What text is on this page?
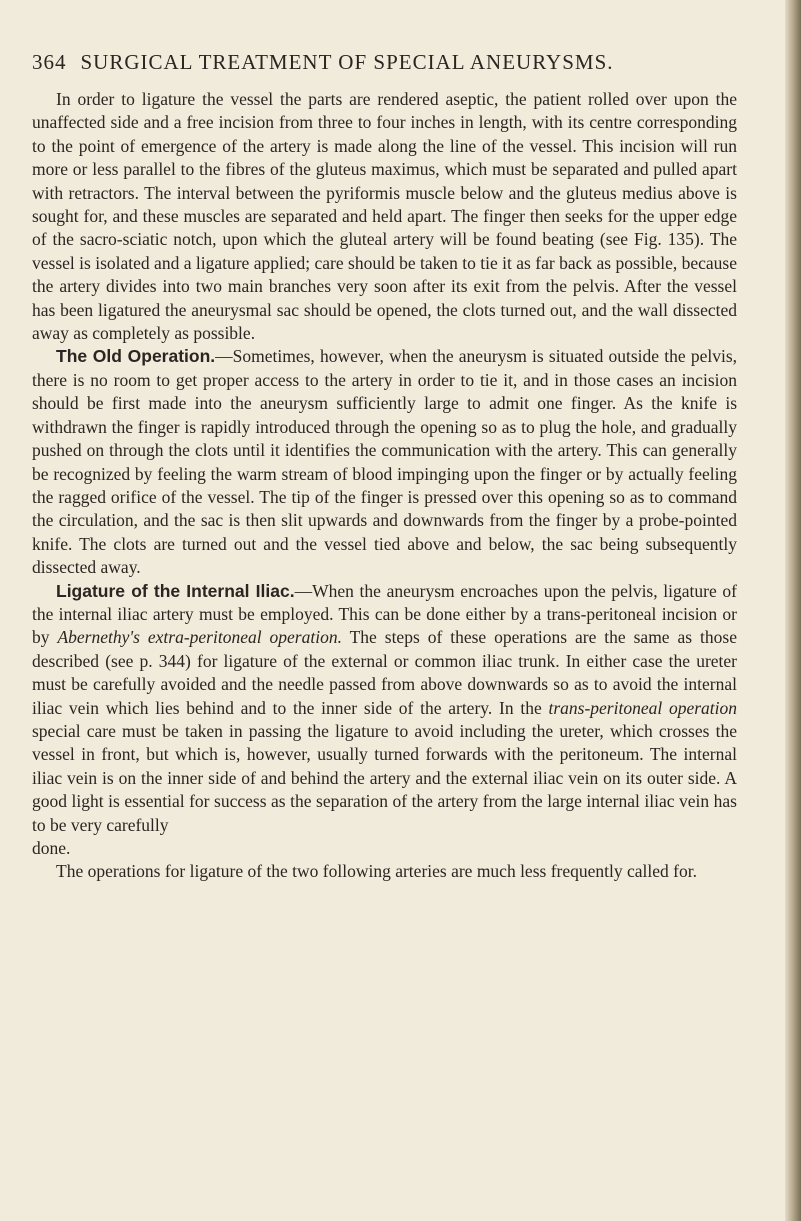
364 SURGICAL TREATMENT OF SPECIAL ANEURYSMS.

In order to ligature the vessel the parts are rendered aseptic, the patient rolled over upon the unaffected side and a free incision from three to four inches in length, with its centre corresponding to the point of emergence of the artery is made along the line of the vessel. This incision will run more or less parallel to the fibres of the gluteus maximus, which must be separated and pulled apart with retractors. The interval between the pyriformis muscle below and the gluteus medius above is sought for, and these muscles are separated and held apart. The finger then seeks for the upper edge of the sacro-sciatic notch, upon which the gluteal artery will be found beating (see Fig. 135). The vessel is isolated and a ligature applied; care should be taken to tie it as far back as possible, because the artery divides into two main branches very soon after its exit from the pelvis. After the vessel has been ligatured the aneurysmal sac should be opened, the clots turned out, and the wall dissected away as completely as possible.

The Old Operation.—Sometimes, however, when the aneurysm is situated outside the pelvis, there is no room to get proper access to the artery in order to tie it, and in those cases an incision should be first made into the aneurysm sufficiently large to admit one finger. As the knife is withdrawn the finger is rapidly introduced through the opening so as to plug the hole, and gradually pushed on through the clots until it identifies the communication with the artery. This can generally be recognized by feeling the warm stream of blood impinging upon the finger or by actually feeling the ragged orifice of the vessel. The tip of the finger is pressed over this opening so as to command the circulation, and the sac is then slit upwards and downwards from the finger by a probe-pointed knife. The clots are turned out and the vessel tied above and below, the sac being subsequently dissected away.

Ligature of the Internal Iliac.—When the aneurysm encroaches upon the pelvis, ligature of the internal iliac artery must be employed. This can be done either by a trans-peritoneal incision or by Abernethy's extra-peritoneal operation. The steps of these operations are the same as those described (see p. 344) for ligature of the external or common iliac trunk. In either case the ureter must be carefully avoided and the needle passed from above downwards so as to avoid the internal iliac vein which lies behind and to the inner side of the artery. In the trans-peritoneal operation special care must be taken in passing the ligature to avoid including the ureter, which crosses the vessel in front, but which is, however, usually turned forwards with the peritoneum. The internal iliac vein is on the inner side of and behind the artery and the external iliac vein on its outer side. A good light is essential for success as the separation of the artery from the large internal iliac vein has to be very carefully

done.

The operations for ligature of the two following arteries are much less frequently called for.
